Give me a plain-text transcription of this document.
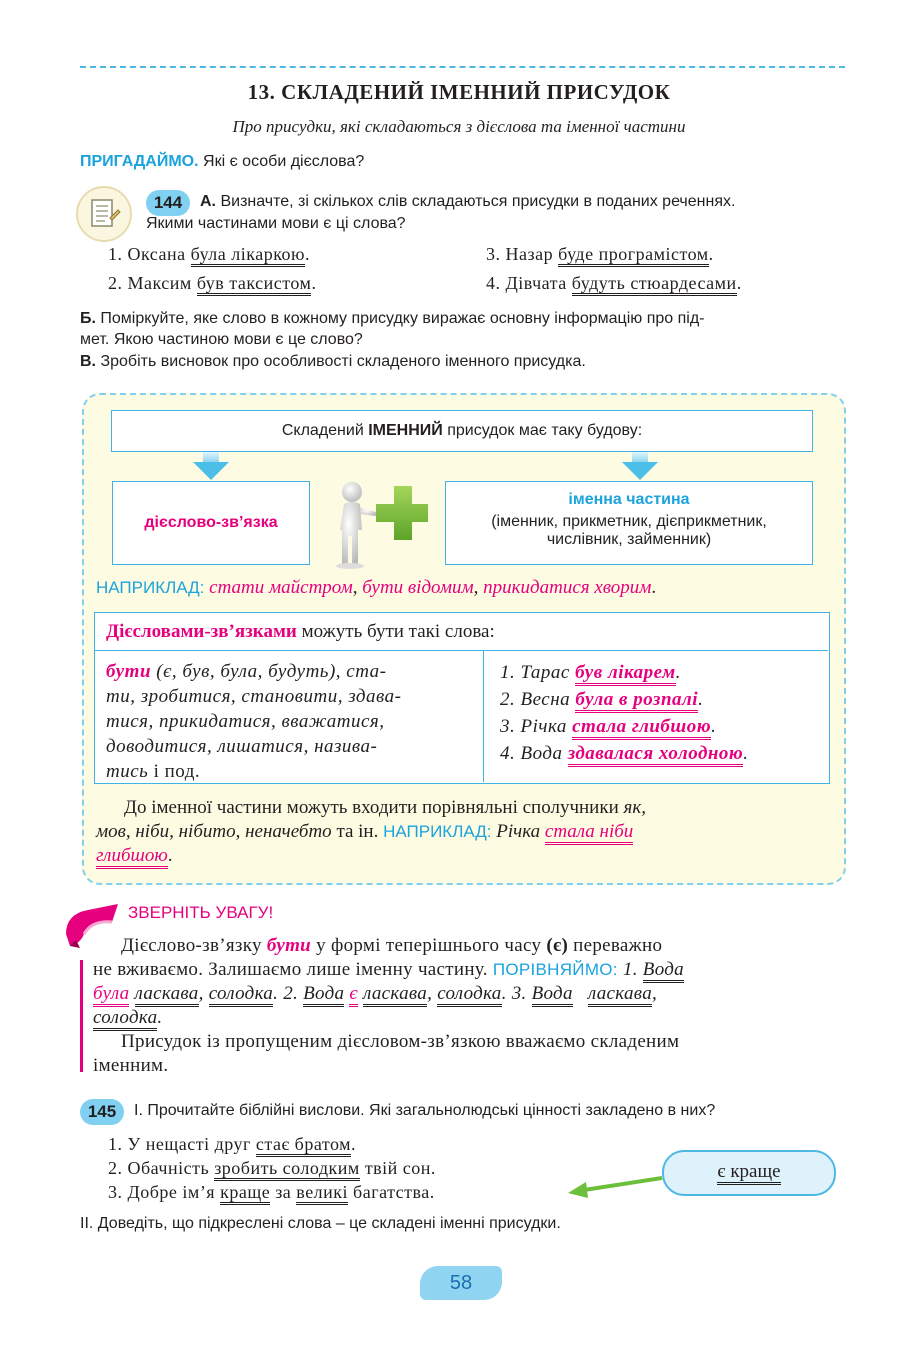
13. СКЛАДЕНИЙ ІМЕННИЙ ПРИСУДОК
Про присудки, які складаються з дієслова та іменної частини
ПРИГАДАЙМО. Які є особи дієслова?
144	А. Визначте, зі скількох слів складаються присудки в поданих реченнях.
Якими частинами мови є ці слова?
1. Оксана була лікаркою.
2. Максим був таксистом.
3. Назар буде програмістом.
4. Дівчата будуть стюардесами.
Б. Поміркуйте, яке слово в кожному присудку виражає основну інформацію про під-
мет. Якою частиною мови є це слово?
В. Зробіть висновок про особливості складеного іменного присудка.
Складений ІМЕННИЙ присудок має таку будову:
дієслово-зв’язка
іменна частина
(іменник, прикметник, дієприкметник,
числівник, займенник)
НАПРИКЛАД: стати майстром, бути відомим, прикидатися хворим.
Дієсловами-зв’язками можуть бути такі слова:
бути (є, був, була, будуть), ста-
ти, зробитися, становити, здава-
тися, прикидатися, вважатися,
доводитися, лишатися, назива-
тись і под.
1. Тарас був лікарем.
2. Весна була в розпалі.
3. Річка стала глибшою.
4. Вода здавалася холодною.
До іменної частини можуть входити порівняльні сполучники як,
мов, ніби, нібито, неначебто та ін. НАПРИКЛАД: Річка стала ніби
глибшою.
ЗВЕРНІТЬ УВАГУ!
Дієслово-зв’язку бути у формі теперішнього часу (є) переважно
не вживаємо. Залишаємо лише іменну частину. ПОРІВНЯЙМО: 1. Вода
була ласкава, солодка. 2. Вода є ласкава, солодка. 3. Вода ласкава,
солодка.
Присудок із пропущеним дієсловом-зв’язкою вважаємо складеним
іменним.
145	І. Прочитайте біблійні вислови. Які загальнолюдські цінності закладено в них?
1. У нещасті друг стає братом.
2. Обачність зробить солодким твій сон.
3. Добре ім’я краще за великі багатства.
є краще
ІІ. Доведіть, що підкреслені слова – це складені іменні присудки.
58
